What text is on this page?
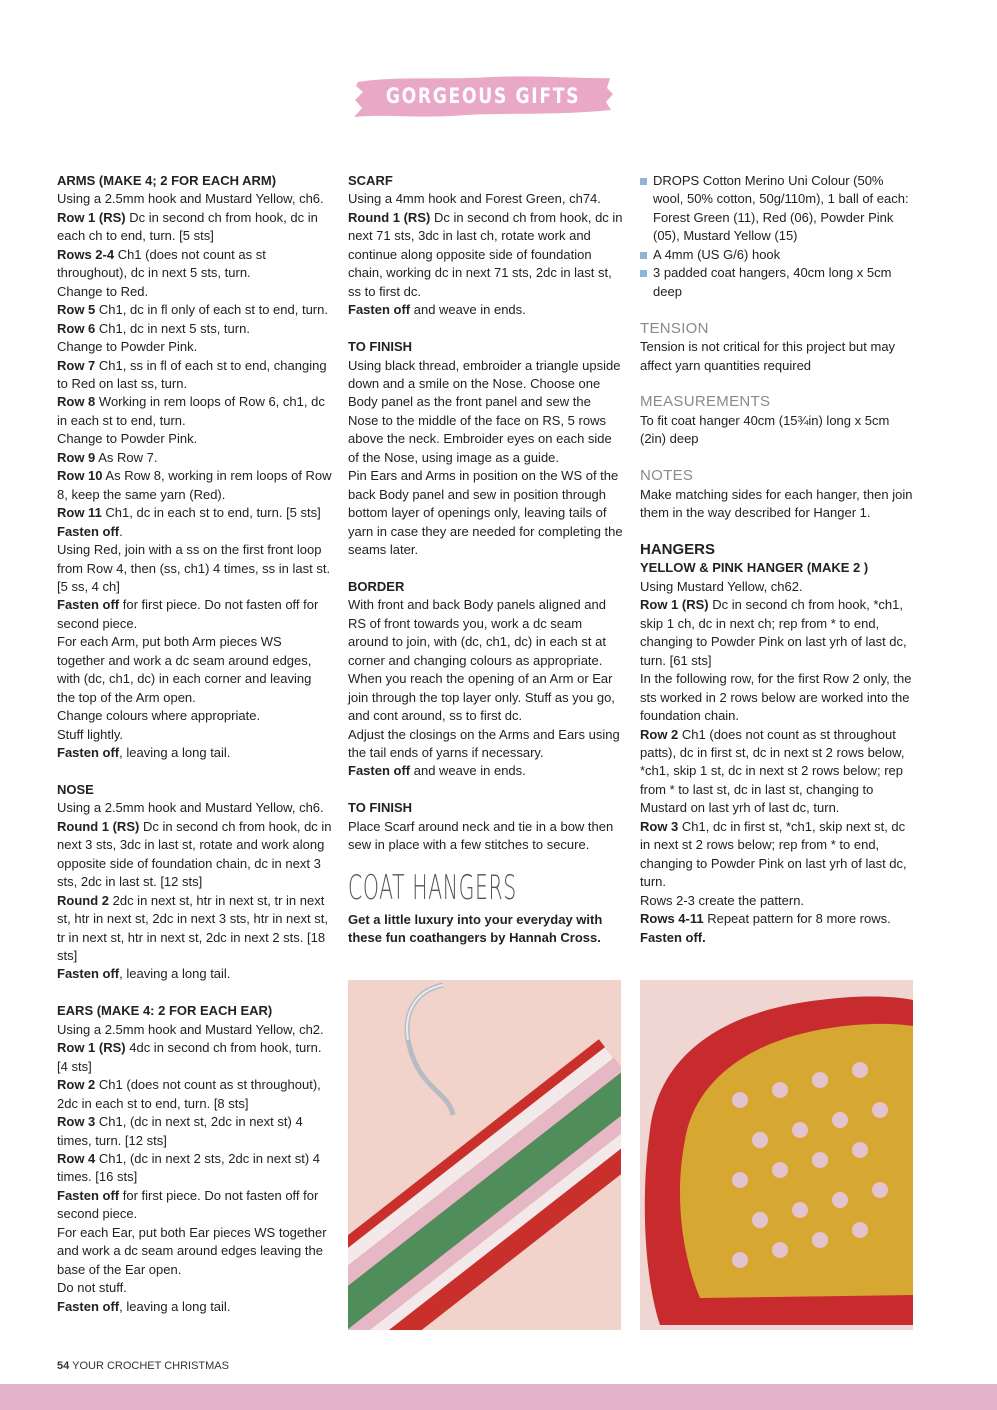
GORGEOUS GIFTS

ARMS (MAKE 4; 2 FOR EACH ARM)

Using a 2.5mm hook and Mustard Yellow, ch6.

Row 1 (RS) Dc in second ch from hook, dc in each ch to end, turn. [5 sts]

Rows 2-4 Ch1 (does not count as st throughout), dc in next 5 sts, turn.

Change to Red.

Row 5 Ch1, dc in fl only of each st to end, turn.

Row 6 Ch1, dc in next 5 sts, turn.

Change to Powder Pink.

Row 7 Ch1, ss in fl of each st to end, changing to Red on last ss, turn.

Row 8 Working in rem loops of Row 6, ch1, dc in each st to end, turn.

Change to Powder Pink.

Row 9 As Row 7.

Row 10 As Row 8, working in rem loops of Row 8, keep the same yarn (Red).

Row 11 Ch1, dc in each st to end, turn. [5 sts]

Fasten off.

Using Red, join with a ss on the first front loop from Row 4, then (ss, ch1) 4 times, ss in last st. [5 ss, 4 ch]

Fasten off for first piece. Do not fasten off for second piece.

For each Arm, put both Arm pieces WS together and work a dc seam around edges, with (dc, ch1, dc) in each corner and leaving the top of the Arm open.

Change colours where appropriate.

Stuff lightly.

Fasten off, leaving a long tail.

NOSE

Using a 2.5mm hook and Mustard Yellow, ch6.

Round 1 (RS) Dc in second ch from hook, dc in next 3 sts, 3dc in last st, rotate and work along opposite side of foundation chain, dc in next 3 sts, 2dc in last st. [12 sts]

Round 2 2dc in next st, htr in next st, tr in next st, htr in next st, 2dc in next 3 sts, htr in next st, tr in next st, htr in next st, 2dc in next 2 sts. [18 sts]

Fasten off, leaving a long tail.

EARS (MAKE 4: 2 FOR EACH EAR)

Using a 2.5mm hook and Mustard Yellow, ch2.

Row 1 (RS) 4dc in second ch from hook, turn. [4 sts]

Row 2 Ch1 (does not count as st throughout), 2dc in each st to end, turn. [8 sts]

Row 3 Ch1, (dc in next st, 2dc in next st) 4 times, turn. [12 sts]

Row 4 Ch1, (dc in next 2 sts, 2dc in next st) 4 times. [16 sts]

Fasten off for first piece. Do not fasten off for second piece.

For each Ear, put both Ear pieces WS together and work a dc seam around edges leaving the base of the Ear open.

Do not stuff.

Fasten off, leaving a long tail.

SCARF

Using a 4mm hook and Forest Green, ch74.

Round 1 (RS) Dc in second ch from hook, dc in next 71 sts, 3dc in last ch, rotate work and continue along opposite side of foundation chain, working dc in next 71 sts, 2dc in last st, ss to first dc.

Fasten off and weave in ends.

TO FINISH

Using black thread, embroider a triangle upside down and a smile on the Nose. Choose one Body panel as the front panel and sew the Nose to the middle of the face on RS, 5 rows above the neck. Embroider eyes on each side of the Nose, using image as a guide.

Pin Ears and Arms in position on the WS of the back Body panel and sew in position through bottom layer of openings only, leaving tails of yarn in case they are needed for completing the seams later.

BORDER

With front and back Body panels aligned and RS of front towards you, work a dc seam around to join, with (dc, ch1, dc) in each st at corner and changing colours as appropriate. When you reach the opening of an Arm or Ear join through the top layer only. Stuff as you go, and cont around, ss to first dc.

Adjust the closings on the Arms and Ears using the tail ends of yarns if necessary.

Fasten off and weave in ends.

TO FINISH

Place Scarf around neck and tie in a bow then sew in place with a few stitches to secure.

COAT HANGERS
Get a little luxury into your everyday with these fun coathangers by Hannah Cross.
DROPS Cotton Merino Uni Colour (50% wool, 50% cotton, 50g/110m), 1 ball of each: Forest Green (11), Red (06), Powder Pink (05), Mustard Yellow (15)
A 4mm (US G/6) hook
3 padded coat hangers, 40cm long x 5cm deep

TENSION

Tension is not critical for this project but may affect yarn quantities required

MEASUREMENTS

To fit coat hanger 40cm (15¾in) long x 5cm (2in) deep

NOTES

Make matching sides for each hanger, then join them in the way described for Hanger 1.

HANGERS

YELLOW & PINK HANGER (MAKE 2 )

Using Mustard Yellow, ch62.

Row 1 (RS) Dc in second ch from hook, *ch1, skip 1 ch, dc in next ch; rep from * to end, changing to Powder Pink on last yrh of last dc, turn. [61 sts]

In the following row, for the first Row 2 only, the sts worked in 2 rows below are worked into the foundation chain.

Row 2 Ch1 (does not count as st throughout patts), dc in first st, dc in next st 2 rows below, *ch1, skip 1 st, dc in next st 2 rows below; rep from * to last st, dc in last st, changing to Mustard on last yrh of last dc, turn.

Row 3 Ch1, dc in first st, *ch1, skip next st, dc in next st 2 rows below; rep from * to end, changing to Powder Pink on last yrh of last dc, turn.

Rows 2-3 create the pattern.

Rows 4-11 Repeat pattern for 8 more rows.

Fasten off.

54 YOUR CROCHET CHRISTMAS
